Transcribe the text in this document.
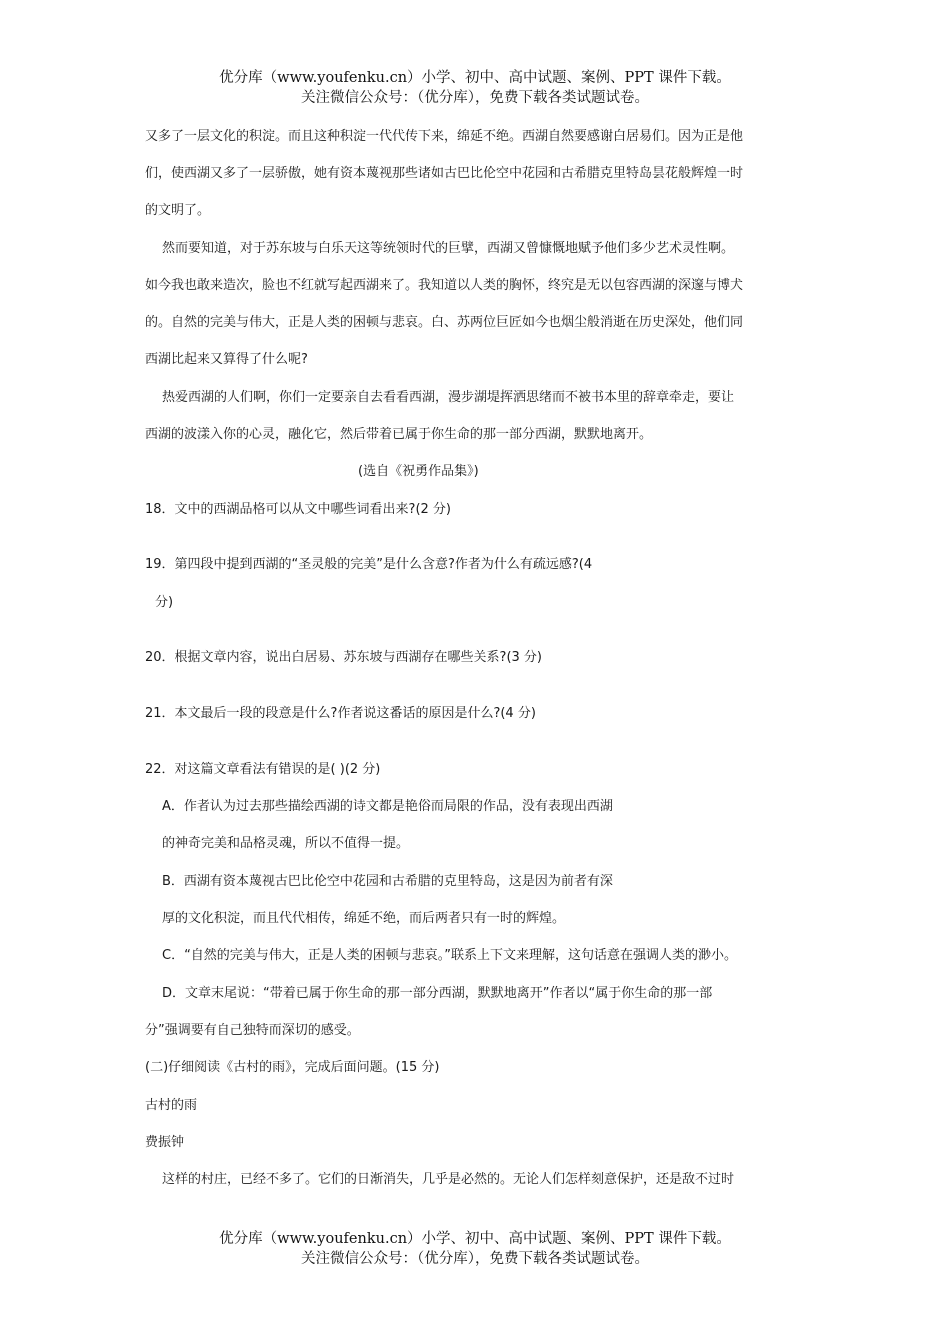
优分库（www.youfenku.cn）小学、初中、高中试题、案例、PPT 课件下载。
关注微信公众号：（优分库），免费下载各类试题试卷。
又多了一层文化的积淀。而且这种积淀一代代传下来，绵延不绝。西湖自然要感谢白居易们。因为正是他
们，使西湖又多了一层骄傲，她有资本蔑视那些诸如古巴比伦空中花园和古希腊克里特岛昙花般辉煌一时
的文明了。
然而要知道，对于苏东坡与白乐天这等统领时代的巨擘，西湖又曾慷慨地赋予他们多少艺术灵性啊。
如今我也敢来造次，脸也不红就写起西湖来了。我知道以人类的胸怀，终究是无以包容西湖的深邃与博犬
的。自然的完美与伟大，正是人类的困顿与悲哀。白、苏两位巨匠如今也烟尘般消逝在历史深处，他们同
西湖比起来又算得了什么呢?
热爱西湖的人们啊，你们一定要亲自去看看西湖，漫步湖堤挥洒思绪而不被书本里的辞章牵走，要让
西湖的波漾入你的心灵，融化它，然后带着已属于你生命的那一部分西湖，默默地离开。
(选自《祝勇作品集》)
18．文中的西湖品格可以从文中哪些词看出来?(2 分)
19．第四段中提到西湖的“圣灵般的完美”是什么含意?作者为什么有疏远感?(4
分)
20．根据文章内容，说出白居易、苏东坡与西湖存在哪些关系?(3 分)
21．本文最后一段的段意是什么?作者说这番话的原因是什么?(4 分)
22．对这篇文章看法有错误的是( )(2 分)
A．作者认为过去那些描绘西湖的诗文都是艳俗而局限的作品，没有表现出西湖
的神奇完美和品格灵魂，所以不值得一提。
B．西湖有资本蔑视古巴比伦空中花园和古希腊的克里特岛，这是因为前者有深
厚的文化积淀，而且代代相传，绵延不绝，而后两者只有一时的辉煌。
C．“自然的完美与伟大，正是人类的困顿与悲哀。”联系上下文来理解，这句话意在强调人类的渺小。
D．文章末尾说：“带着已属于你生命的那一部分西湖，默默地离开”作者以“属于你生命的那一部
分”强调要有自己独特而深切的感受。
(二)仔细阅读《古村的雨》，完成后面问题。(15 分)
古村的雨
费振钟
这样的村庄，已经不多了。它们的日渐消失，几乎是必然的。无论人们怎样刻意保护，还是敌不过时
优分库（www.youfenku.cn）小学、初中、高中试题、案例、PPT 课件下载。
关注微信公众号：（优分库），免费下载各类试题试卷。
